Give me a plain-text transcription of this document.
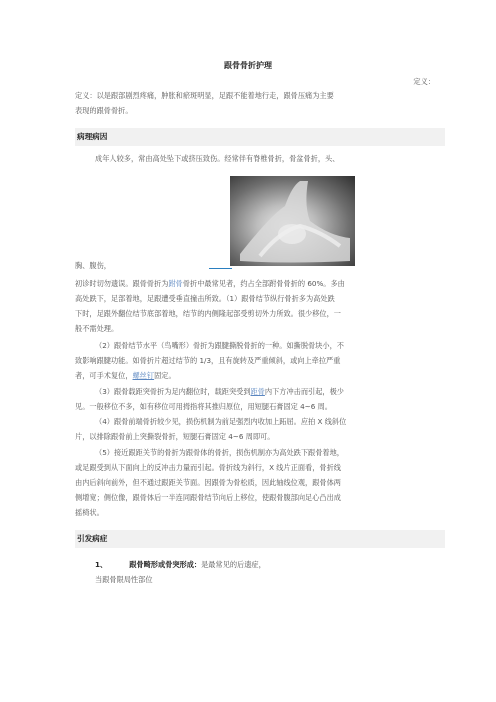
跟骨骨折护理
定义：
定义：以是跟部剧烈疼痛，肿胀和瘀斑明显，足跟不能着地行走，跟骨压痛为主要
表现的跟骨骨折。
病理病因
成年人较多，常由高处坠下或挤压致伤。经常伴有脊椎骨折，骨盆骨折，头、
胸、腹伤，
初诊时切勿遗误。跟骨骨折为跗骨骨折中最常见者，约占全部跗骨骨折的 60%。多由
高处跌下，足部着地，足跟遭受垂直撞击所致。（1）跟骨结节纵行骨折多为高处跌
下时，足跟外翻位结节底部着地，结节的内侧隆起部受剪切外力所致。很少移位，一
般不需处理。
（2）跟骨结节水平（鸟嘴形）骨折为跟腱撕脱骨折的一种。如撕脱骨块小，不
致影响跟腱功能。如骨折片超过结节的 1/3，且有旋转及严重倾斜，或向上牵拉严重
者，可手术复位，螺丝钉固定。
（3）跟骨载距突骨折为足内翻位时，载距突受到距骨内下方冲击而引起，极少
见。一般移位不多，如有移位可用拇指将其推归原位，用短腿石膏固定 4~6 周。
（4）跟骨前端骨折较少见，损伤机制为前足强烈内收加上跖屈。应拍 X 线斜位
片，以排除跟骨前上突撕裂骨折，短腿石膏固定 4~6 周即可。
（5）接近跟距关节的骨折为跟骨体的骨折，损伤机制亦为高处跌下跟骨着地，
或足跟受到从下面向上的反冲击力量而引起。骨折线为斜行，X 线片正面看，骨折线
由内后斜向前外，但不通过跟距关节面。因跟骨为骨松质，因此轴线位观，跟骨体两
侧增宽；侧位像，跟骨体后一半连同跟骨结节向后上移位，使跟骨腹部向足心凸出成
摇椅状。
引发病症
1、	跟骨畸形或骨突形成：是最常见的后遗症，
当跟骨限局性部位
